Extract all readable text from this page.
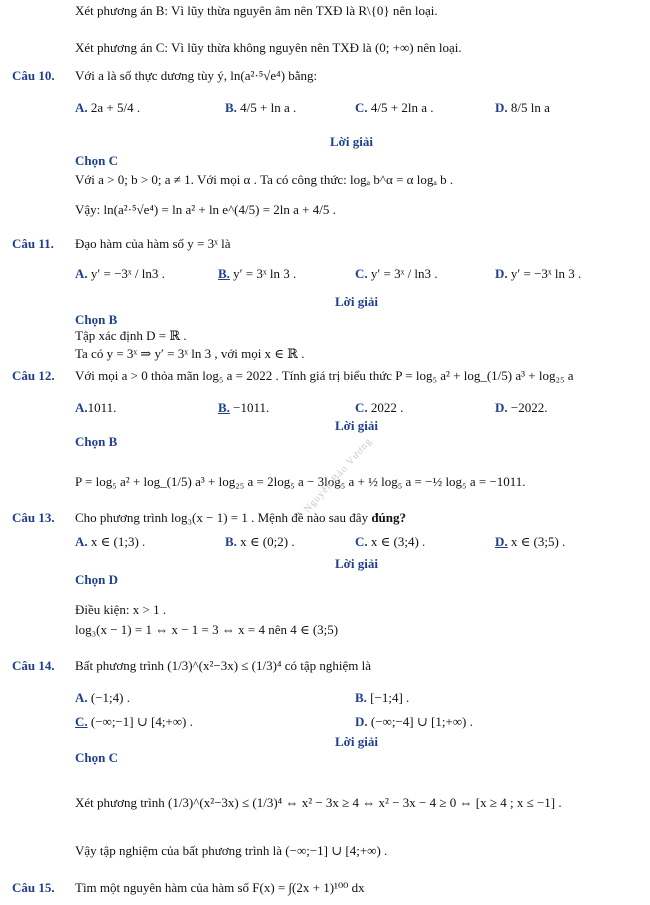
Xét phương án B: Vì lũy thừa nguyên âm nên TXĐ là R\{0} nên loại.
Xét phương án C: Vì lũy thừa không nguyên nên TXĐ là (0; +∞) nên loại.
Câu 10. Với a là số thực dương tùy ý, ln(a²·⁵√e⁴) bằng:
A. 2a + 5/4 .	B. 4/5 + ln a .	C. 4/5 + 2ln a .	D. 8/5 ln a
Lời giải
Chọn C
Với a > 0; b > 0; a ≠ 1. Với mọi α . Ta có công thức: logₐ b^α = α logₐ b .
Vậy: ln(a²·⁵√e⁴) = ln a² + ln e^(4/5) = 2ln a + 4/5 .
Câu 11. Đạo hàm của hàm số y = 3ˣ là
A. y′ = −3ˣ / ln3 .	B. y′ = 3ˣ ln 3 .	C. y′ = 3ˣ / ln3 .	D. y′ = −3ˣ ln 3 .
Lời giải
Chọn B
Tập xác định D = ℝ .
Ta có y = 3ˣ ⇒ y′ = 3ˣ ln 3 , với mọi x ∈ ℝ .
Câu 12. Với mọi a > 0 thỏa mãn log₅ a = 2022 . Tính giá trị biểu thức P = log₅ a² + log_(1/5) a³ + log₂₅ a
A.1011.	B. −1011.	C. 2022 .	D. −2022.
Lời giải
Chọn B
P = log₅ a² + log_(1/5) a³ + log₂₅ a = 2log₅ a − 3log₅ a + ½ log₅ a = −½ log₅ a = −1011.
Câu 13. Cho phương trình log₃(x − 1) = 1 . Mệnh đề nào sau đây đúng?
A. x ∈ (1;3) .	B. x ∈ (0;2) .	C. x ∈ (3;4) .	D. x ∈ (3;5) .
Lời giải
Chọn D
Điều kiện: x > 1 .
log₃(x − 1) = 1 ⇔ x − 1 = 3 ⇔ x = 4 nên 4 ∈ (3;5)
Câu 14. Bất phương trình (1/3)^(x²−3x) ≤ (1/3)⁴ có tập nghiệm là
A. (−1;4) .	B. [−1;4] .
C. (−∞;−1] ∪ [4;+∞) .	D. (−∞;−4] ∪ [1;+∞) .
Lời giải
Chọn C
Xét phương trình (1/3)^(x²−3x) ≤ (1/3)⁴ ⇔ x² − 3x ≥ 4 ⇔ x² − 3x − 4 ≥ 0 ⇔ [x ≥ 4 ; x ≤ −1] .
Vậy tập nghiệm của bất phương trình là (−∞;−1] ∪ [4;+∞) .
Câu 15. Tìm một nguyên hàm của hàm số F(x) = ∫(2x + 1)¹⁰⁰ dx
Nguyễn Bảo Vương
